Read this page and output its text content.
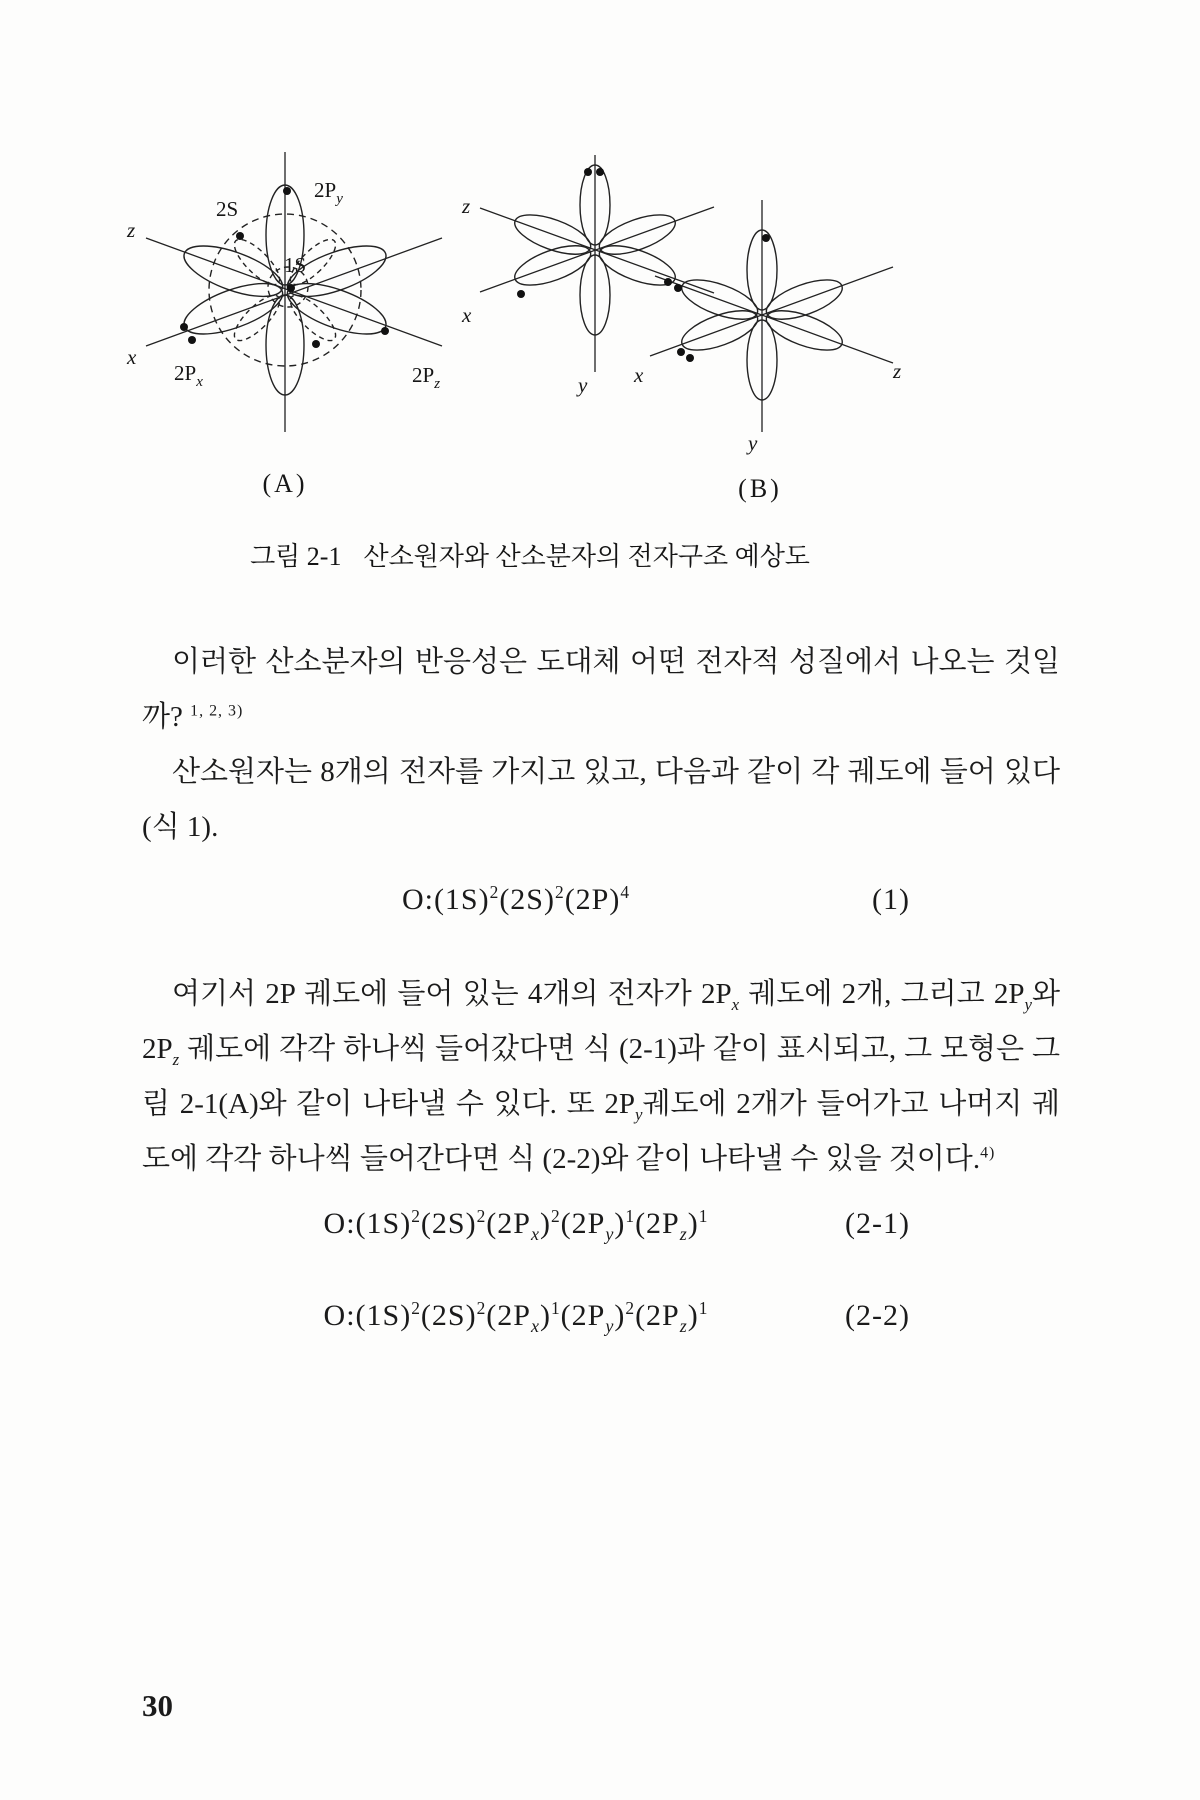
2S
$2P_y$
1S
$2P_x$	$2P_z$
z
x
z
x
y x	z
y
(A)	(B)
그림 2-1 산소원자와 산소분자의 전자구조 예상도

이러한 산소분자의 반응성은 도대체 어떤 전자적 성질에서 나오는 것일까? $^{1, 2, 3)}$

산소원자는 8개의 전자를 가지고 있고, 다음과 같이 각 궤도에 들어 있다(식 1).

$O:(1S)^2(2S)^2(2P)^4$	(1)

여기서 2P 궤도에 들어 있는 4개의 전자가 $2P_x$ 궤도에 2개, 그리고 $2P_y$와 $2P_z$ 궤도에 각각 하나씩 들어갔다면 식 (2-1)과 같이 표시되고, 그 모형은 그림 2-1(A)와 같이 나타낼 수 있다. 또 $2P_y$궤도에 2개가 들어가고 나머지 궤도에 각각 하나씩 들어간다면 식 (2-2)와 같이 나타낼 수 있을 것이다.$^{4)}$

$O:(1S)^2(2S)^2(2P_x)^2(2P_y)^1(2P_z)^1$	(2-1)
$O:(1S)^2(2S)^2(2P_x)^1(2P_y)^2(2P_z)^1$	(2-2)
30
